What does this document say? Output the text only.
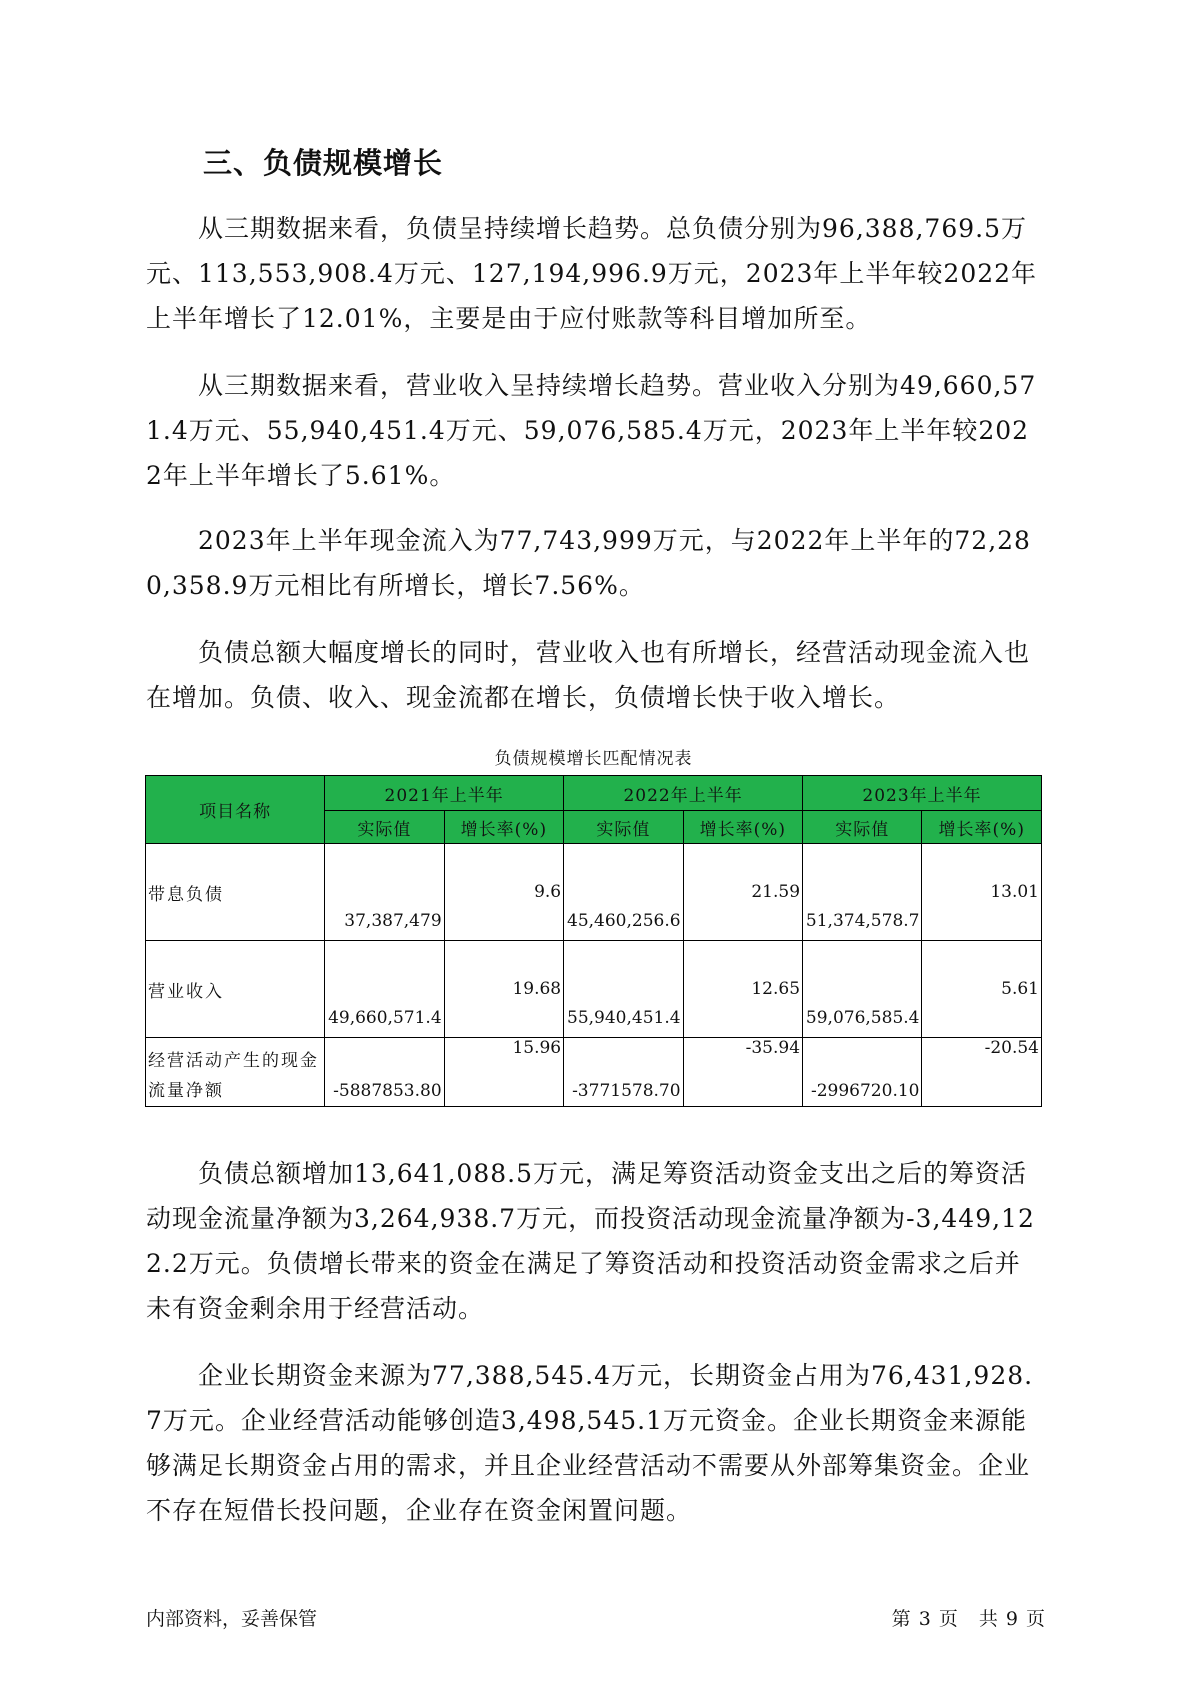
三、负债规模增长

　　从三期数据来看，负债呈持续增长趋势。总负债分别为96,388,769.5万元、113,553,908.4万元、127,194,996.9万元，2023年上半年较2022年上半年增长了12.01%，主要是由于应付账款等科目增加所至。

　　从三期数据来看，营业收入呈持续增长趋势。营业收入分别为49,660,571.4万元、55,940,451.4万元、59,076,585.4万元，2023年上半年较2022年上半年增长了5.61%。

　　2023年上半年现金流入为77,743,999万元，与2022年上半年的72,280,358.9万元相比有所增长，增长7.56%。

　　负债总额大幅度增长的同时，营业收入也有所增长，经营活动现金流入也在增加。负债、收入、现金流都在增长，负债增长快于收入增长。

负债规模增长匹配情况表
项目名称	2021年上半年		2022年上半年		2023年上半年	
	实际值	增长率(%)	实际值	增长率(%)	实际值	增长率(%)
带息负债	37,387,479	9.6	45,460,256.6	21.59	51,374,578.7	13.01
营业收入	49,660,571.4	19.68	55,940,451.4	12.65	59,076,585.4	5.61
经营活动产生的现金流量净额	-5887853.80	15.96	-3771578.70	-35.94	-2996720.10	-20.54

　　负债总额增加13,641,088.5万元，满足筹资活动资金支出之后的筹资活动现金流量净额为3,264,938.7万元，而投资活动现金流量净额为-3,449,122.2万元。负债增长带来的资金在满足了筹资活动和投资活动资金需求之后并未有资金剩余用于经营活动。

　　企业长期资金来源为77,388,545.4万元，长期资金占用为76,431,928.7万元。企业经营活动能够创造3,498,545.1万元资金。企业长期资金来源能够满足长期资金占用的需求，并且企业经营活动不需要从外部筹集资金。企业不存在短借长投问题，企业存在资金闲置问题。

内部资料，妥善保管	第 3 页　共 9 页
